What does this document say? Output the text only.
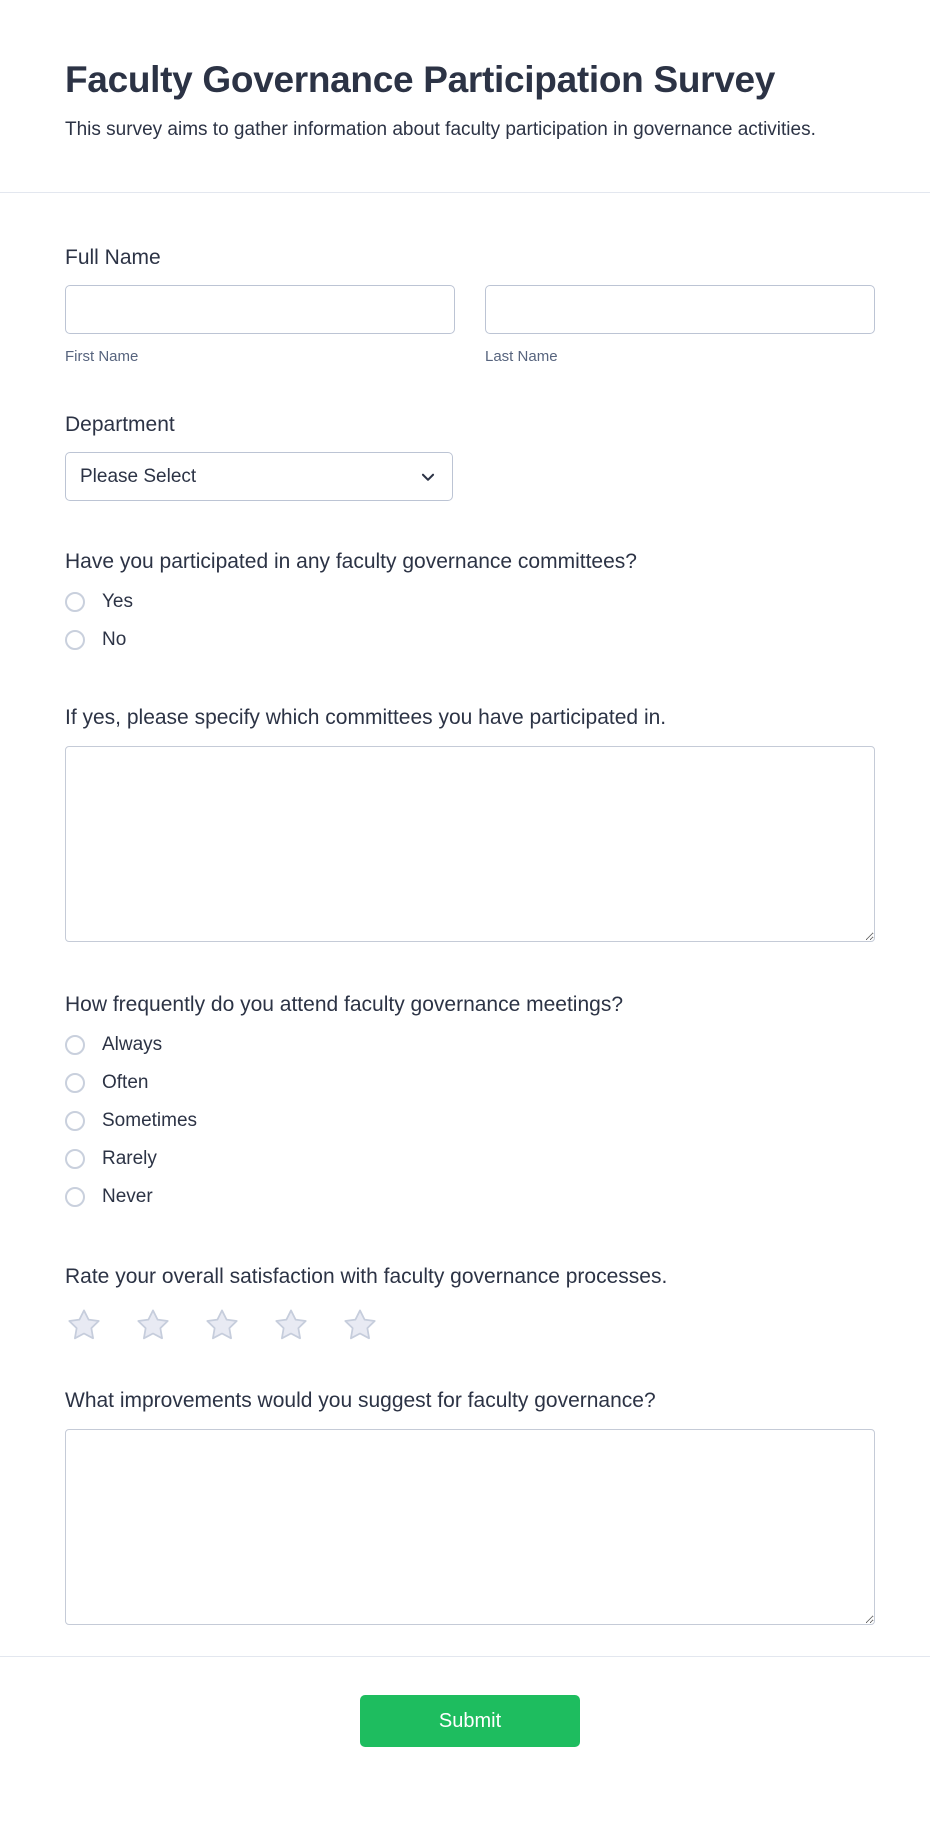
Faculty Governance Participation Survey
This survey aims to gather information about faculty participation in governance activities.
Full Name
First Name	Last Name
Department
Please Select
Have you participated in any faculty governance committees?
Yes
No
If yes, please specify which committees you have participated in.
How frequently do you attend faculty governance meetings?
Always
Often
Sometimes
Rarely
Never
Rate your overall satisfaction with faculty governance processes.
What improvements would you suggest for faculty governance?
Submit
